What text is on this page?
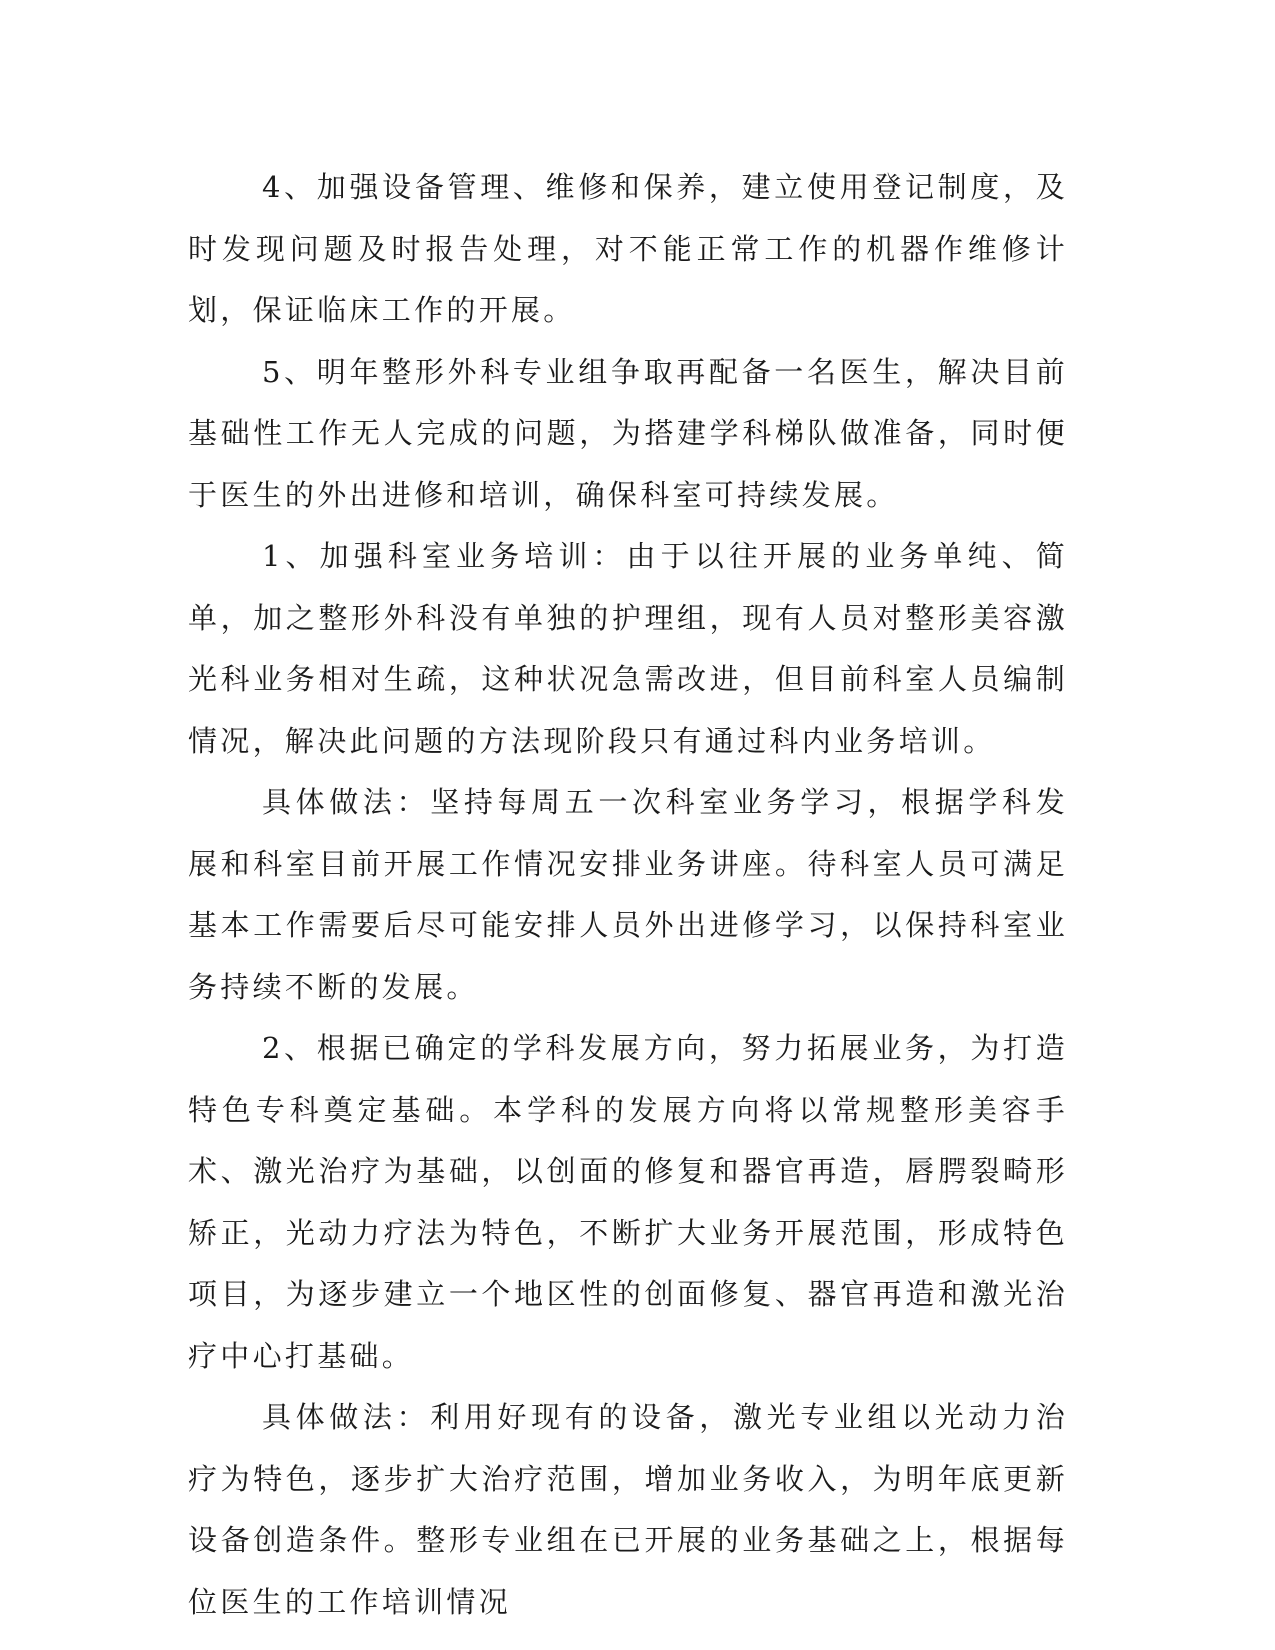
4、加强设备管理、维修和保养，建立使用登记制度，及时发现问题及时报告处理，对不能正常工作的机器作维修计划，保证临床工作的开展。

5、明年整形外科专业组争取再配备一名医生，解决目前基础性工作无人完成的问题，为搭建学科梯队做准备，同时便于医生的外出进修和培训，确保科室可持续发展。

1、加强科室业务培训：由于以往开展的业务单纯、简单，加之整形外科没有单独的护理组，现有人员对整形美容激光科业务相对生疏，这种状况急需改进，但目前科室人员编制情况，解决此问题的方法现阶段只有通过科内业务培训。

具体做法：坚持每周五一次科室业务学习，根据学科发展和科室目前开展工作情况安排业务讲座。待科室人员可满足基本工作需要后尽可能安排人员外出进修学习，以保持科室业务持续不断的发展。

2、根据已确定的学科发展方向，努力拓展业务，为打造特色专科奠定基础。本学科的发展方向将以常规整形美容手术、激光治疗为基础，以创面的修复和器官再造，唇腭裂畸形矫正，光动力疗法为特色，不断扩大业务开展范围，形成特色项目，为逐步建立一个地区性的创面修复、器官再造和激光治疗中心打基础。

具体做法：利用好现有的设备，激光专业组以光动力治疗为特色，逐步扩大治疗范围，增加业务收入，为明年底更新设备创造条件。整形专业组在已开展的业务基础之上，根据每位医生的工作培训情况
